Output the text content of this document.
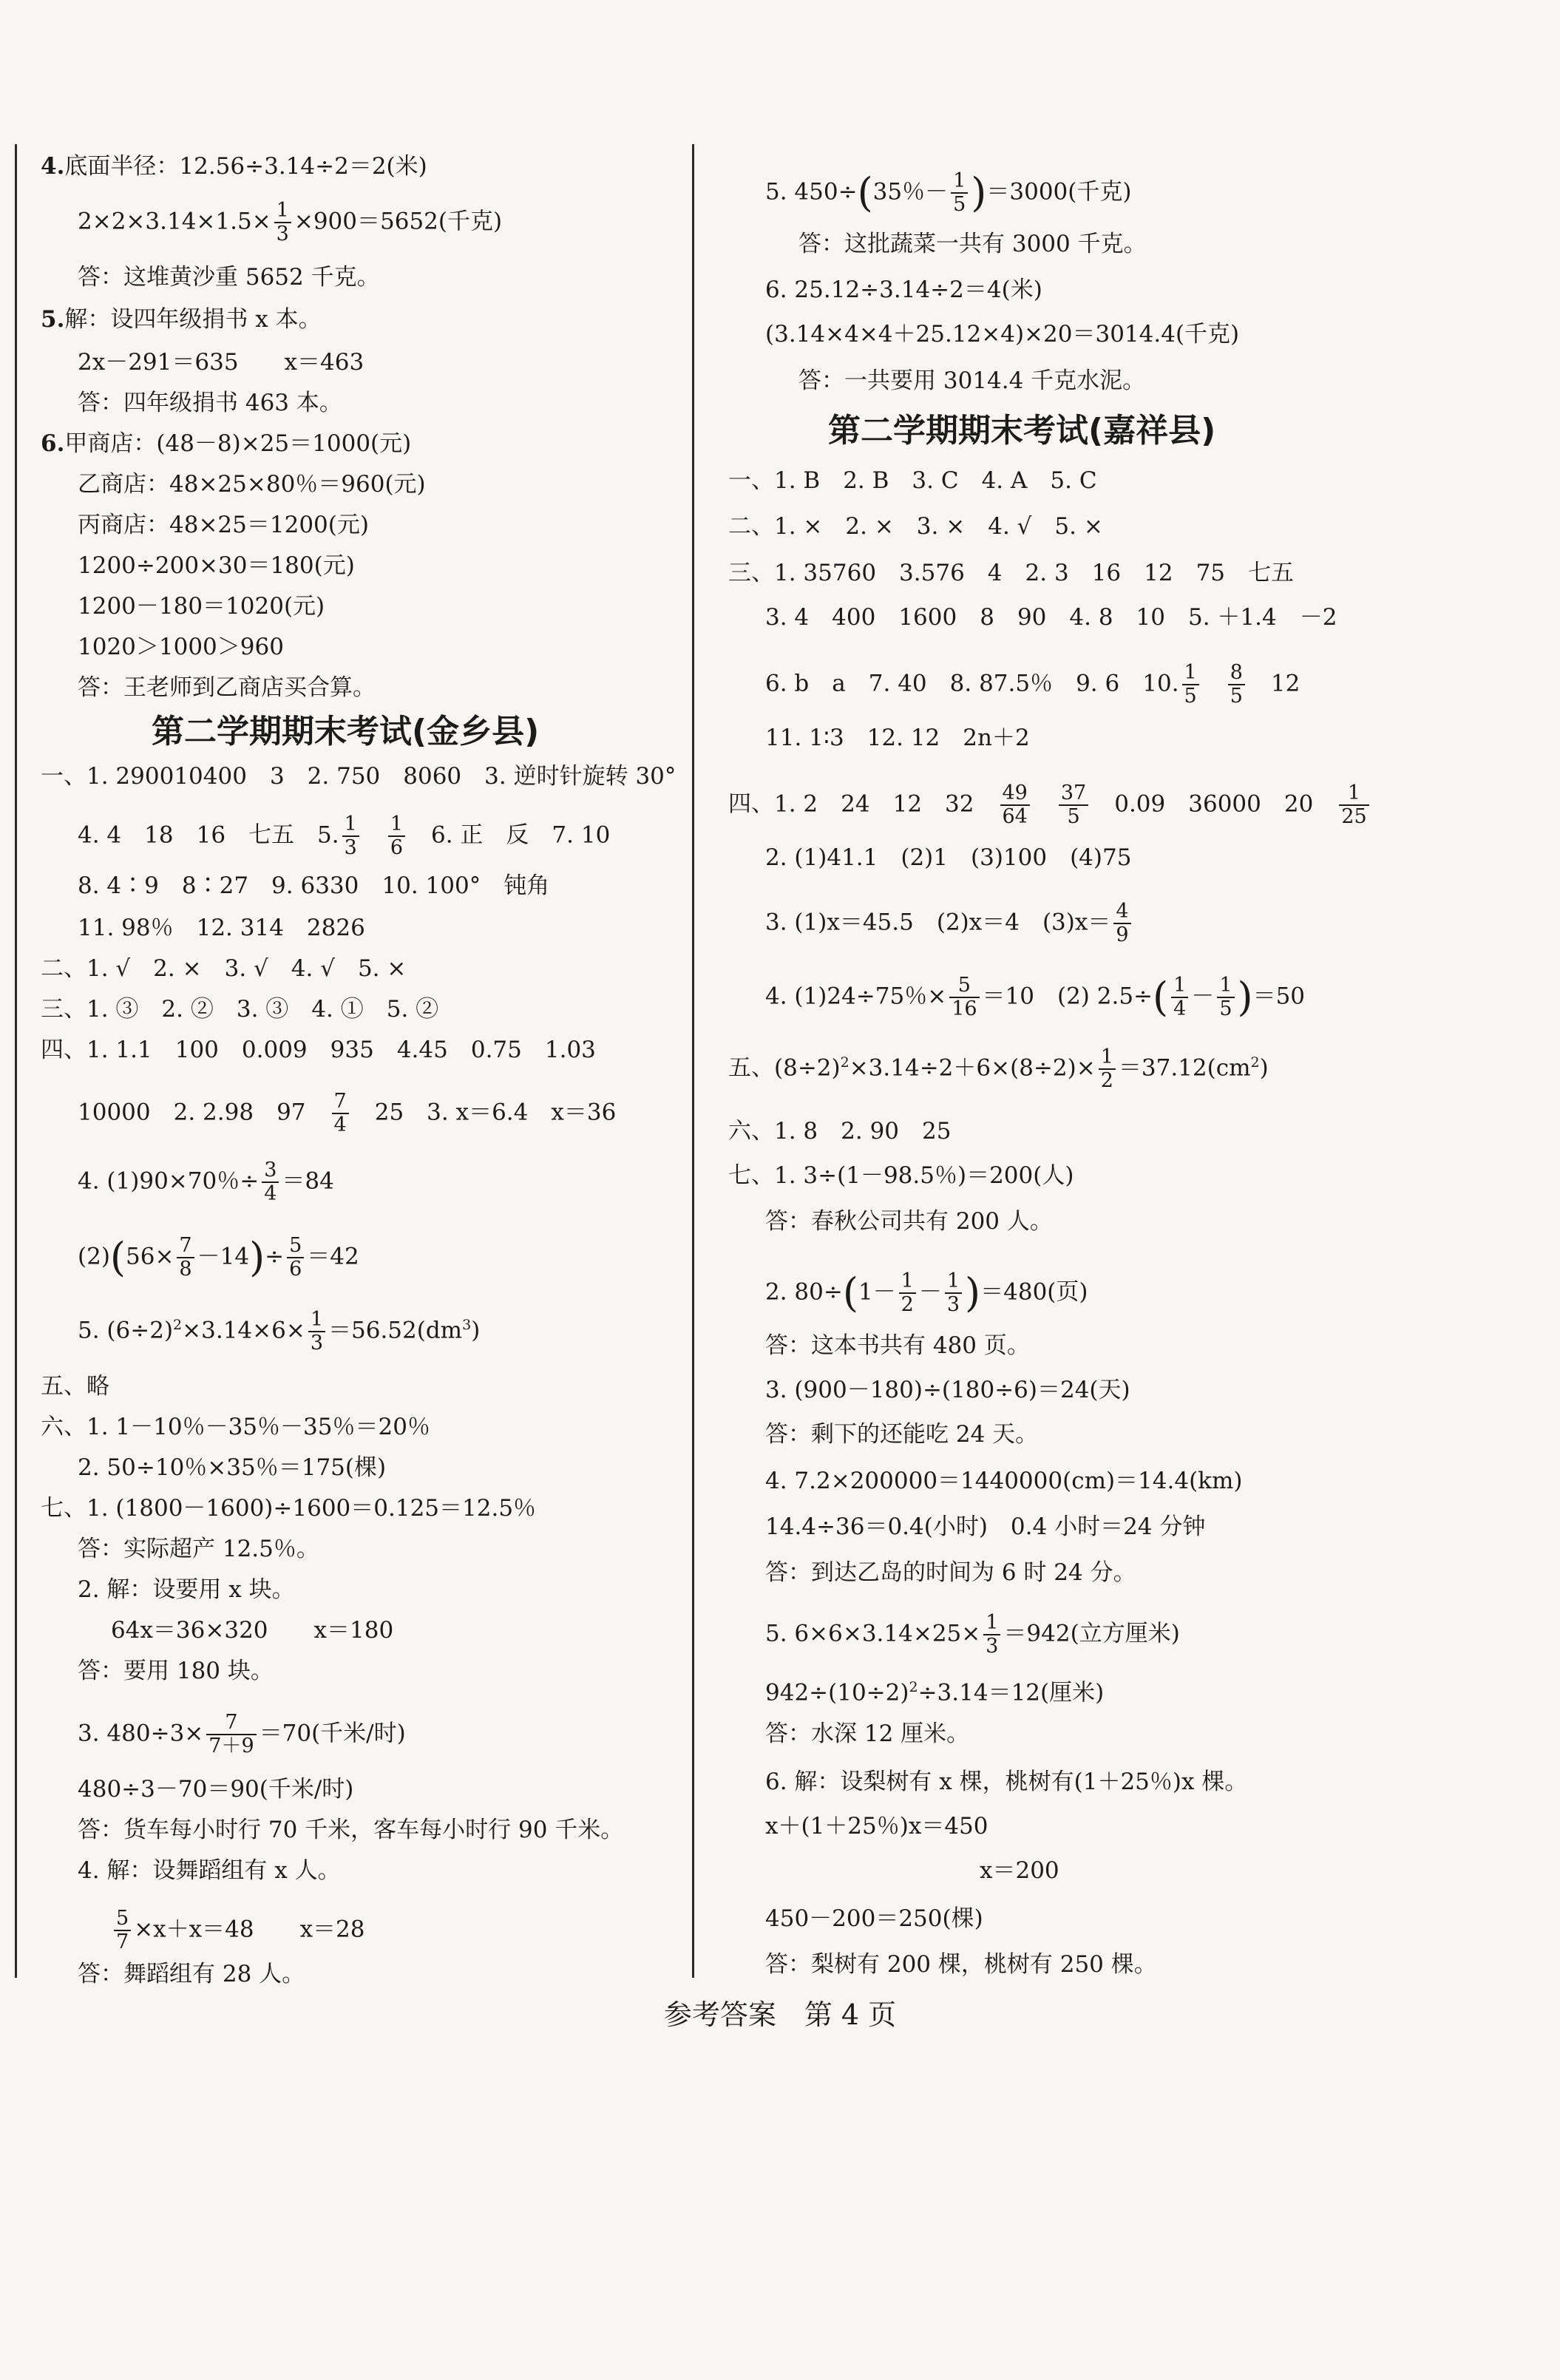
4.底面半径：12.56÷3.14÷2＝2(米)
$2\times 2\times 3.14\times 1.5\times \frac{1}{3} \times 900=5652$(千克)
答：这堆黄沙重 5652 千克。
5.解：设四年级捐书 x 本。
2x－291＝635　　x＝463
答：四年级捐书 463 本。
6.甲商店：(48－8)×25＝1000(元)
乙商店：48×25×80％＝960(元)
丙商店：48×25＝1200(元)
1200÷200×30＝180(元)
1200－180＝1020(元)
1020＞1000＞960
答：王老师到乙商店买合算。
第二学期期末考试(金乡县)
一、1. 290010400　3　2. 750　8060　3. 逆时针旋转 30°
4. 4　18　16　七五　5. $\frac{1}{3}$
　 $\frac{1}{6}$
　 6. 正　反　7. 10
8. 4∶9　8∶27　9. 6330　10. 100°　钝角
11. 98％　12. 314　2826
二、1. √　2. ×　3. √　4. √　5. ×
三、1. ③　2. ②　3. ③　4. ①　5. ②
四、1. 1.1　100　0.009　935　4.45　0.75　1.03
10000　2. 2.98　97　 $\frac{7}{4}$
　 25　3. x＝6.4　x＝36
4. (1)90×70％÷ $\frac{3}{4} =84$
$(2)(56\times \frac{7}{8} -14)\div \frac{5}{6} =42$
5. $(6\div 2)^2\times 3.14\times 6\times \frac{1}{3} =56.52(dm^3)$
五、略
六、1. 1－10％－35％－35％＝20％
2. 50÷10％×35％＝175(棵)
七、1. (1800－1600)÷1600＝0.125＝12.5％
答：实际超产 12.5％。
2. 解：设要用 x 块。
64x＝36×320　　x＝180
答：要用 180 块。
3. $480\div 3\times \frac{7}{7+9} =70$(千米/时)
480÷3－70＝90(千米/时)
答：货车每小时行 70 千米，客车每小时行 90 千米。
4. 解：设舞蹈组有 x 人。
$\frac{5}{7} \times x+x=48$　　x＝28
答：舞蹈组有 28 人。
5. 450÷(35％－ $\frac{1}{5} )=3000$(千克)
答：这批蔬菜一共有 3000 千克。
6. 25.12÷3.14÷2＝4(米)
(3.14×4×4＋25.12×4)×20＝3014.4(千克)
答：一共要用 3014.4 千克水泥。
第二学期期末考试(嘉祥县)
一、1. B　2. B　3. C　4. A　5. C
二、1. ×　2. ×　3. ×　4. √　5. ×
三、1. 35760　3.576　4　2. 3　16　12　75　七五
3. 4　400　1600　8　90　4. 8　10　5. ＋1.4　－2
6. b　a　7. 40　8. 87.5％　9. 6　10. $\frac{1}{5}$
　 $\frac{8}{5}$
　 12
11. 1∶3　12. 12　2n＋2
四、1. 2　24　12　32　 $\frac{49}{64}$
　 $\frac{37}{5}$
　 0.09　36000　20　 $\frac{1}{25}$
2. (1)41.1　(2)1　(3)100　(4)75
3. (1)x＝45.5　(2)x＝4　$(3)x= \frac{4}{9}$
4. (1)24÷75％× $\frac{5}{16} =10$　(2) $2.5\div( \frac{1}{4} - \frac{1}{5} )=50$
五、$(8\div 2)^2\times 3.14\div 2+6\times(8\div 2)\times \frac{1}{2} =37.12(cm^2)$
六、1. 8　2. 90　25
七、1. 3÷(1－98.5％)＝200(人)
答：春秋公司共有 200 人。
2. $80\div(1- \frac{1}{2} - \frac{1}{3} )=480$(页)
答：这本书共有 480 页。
3. (900－180)÷(180÷6)＝24(天)
答：剩下的还能吃 24 天。
4. 7.2×200000＝1440000(cm)＝14.4(km)
14.4÷36＝0.4(小时)　0.4 小时＝24 分钟
答：到达乙岛的时间为 6 时 24 分。
5. $6\times 6\times 3.14\times 25\times \frac{1}{3} =942$(立方厘米)
$942\div(10\div 2)^2\div 3.14=12$(厘米)
答：水深 12 厘米。
6. 解：设梨树有 x 棵，桃树有(1＋25％)x 棵。
x＋(1＋25％)x＝450
x＝200
450－200＝250(棵)
答：梨树有 200 棵，桃树有 250 棵。
参考答案　第 4 页
